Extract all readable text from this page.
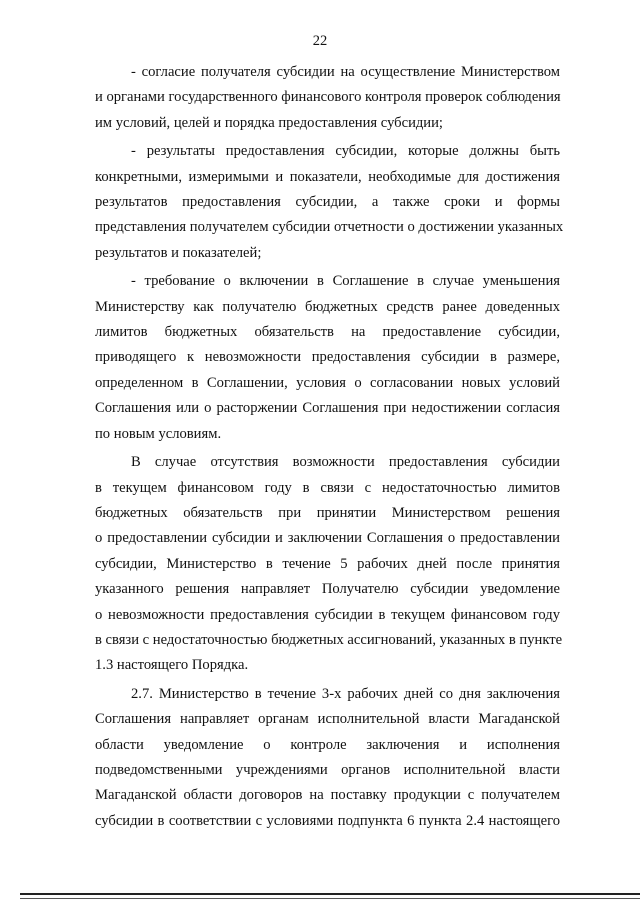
22
- согласие получателя субсидии на осуществление Министерством
и органами государственного финансового контроля проверок соблюдения
им условий, целей и порядка предоставления субсидии;
- результаты предоставления субсидии, которые должны быть
конкретными, измеримыми и показатели, необходимые для достижения
результатов предоставления субсидии, а также сроки и формы
представления получателем субсидии отчетности о достижении указанных
результатов и показателей;
- требование о включении в Соглашение в случае уменьшения
Министерству как получателю бюджетных средств ранее доведенных
лимитов бюджетных обязательств на предоставление субсидии,
приводящего к невозможности предоставления субсидии в размере,
определенном в Соглашении, условия о согласовании новых условий
Соглашения или о расторжении Соглашения при недостижении согласия
по новым условиям.
В случае отсутствия возможности предоставления субсидии
в текущем финансовом году в связи с недостаточностью лимитов
бюджетных обязательств при принятии Министерством решения
о предоставлении субсидии и заключении Соглашения о предоставлении
субсидии, Министерство в течение 5 рабочих дней после принятия
указанного решения направляет Получателю субсидии уведомление
о невозможности предоставления субсидии в текущем финансовом году
в связи с недостаточностью бюджетных ассигнований, указанных в пункте
1.3 настоящего Порядка.
2.7. Министерство в течение 3-х рабочих дней со дня заключения
Соглашения направляет органам исполнительной власти Магаданской
области уведомление о контроле заключения и исполнения
подведомственными учреждениями органов исполнительной власти
Магаданской области договоров на поставку продукции с получателем
субсидии в соответствии с условиями подпункта 6 пункта 2.4 настоящего
